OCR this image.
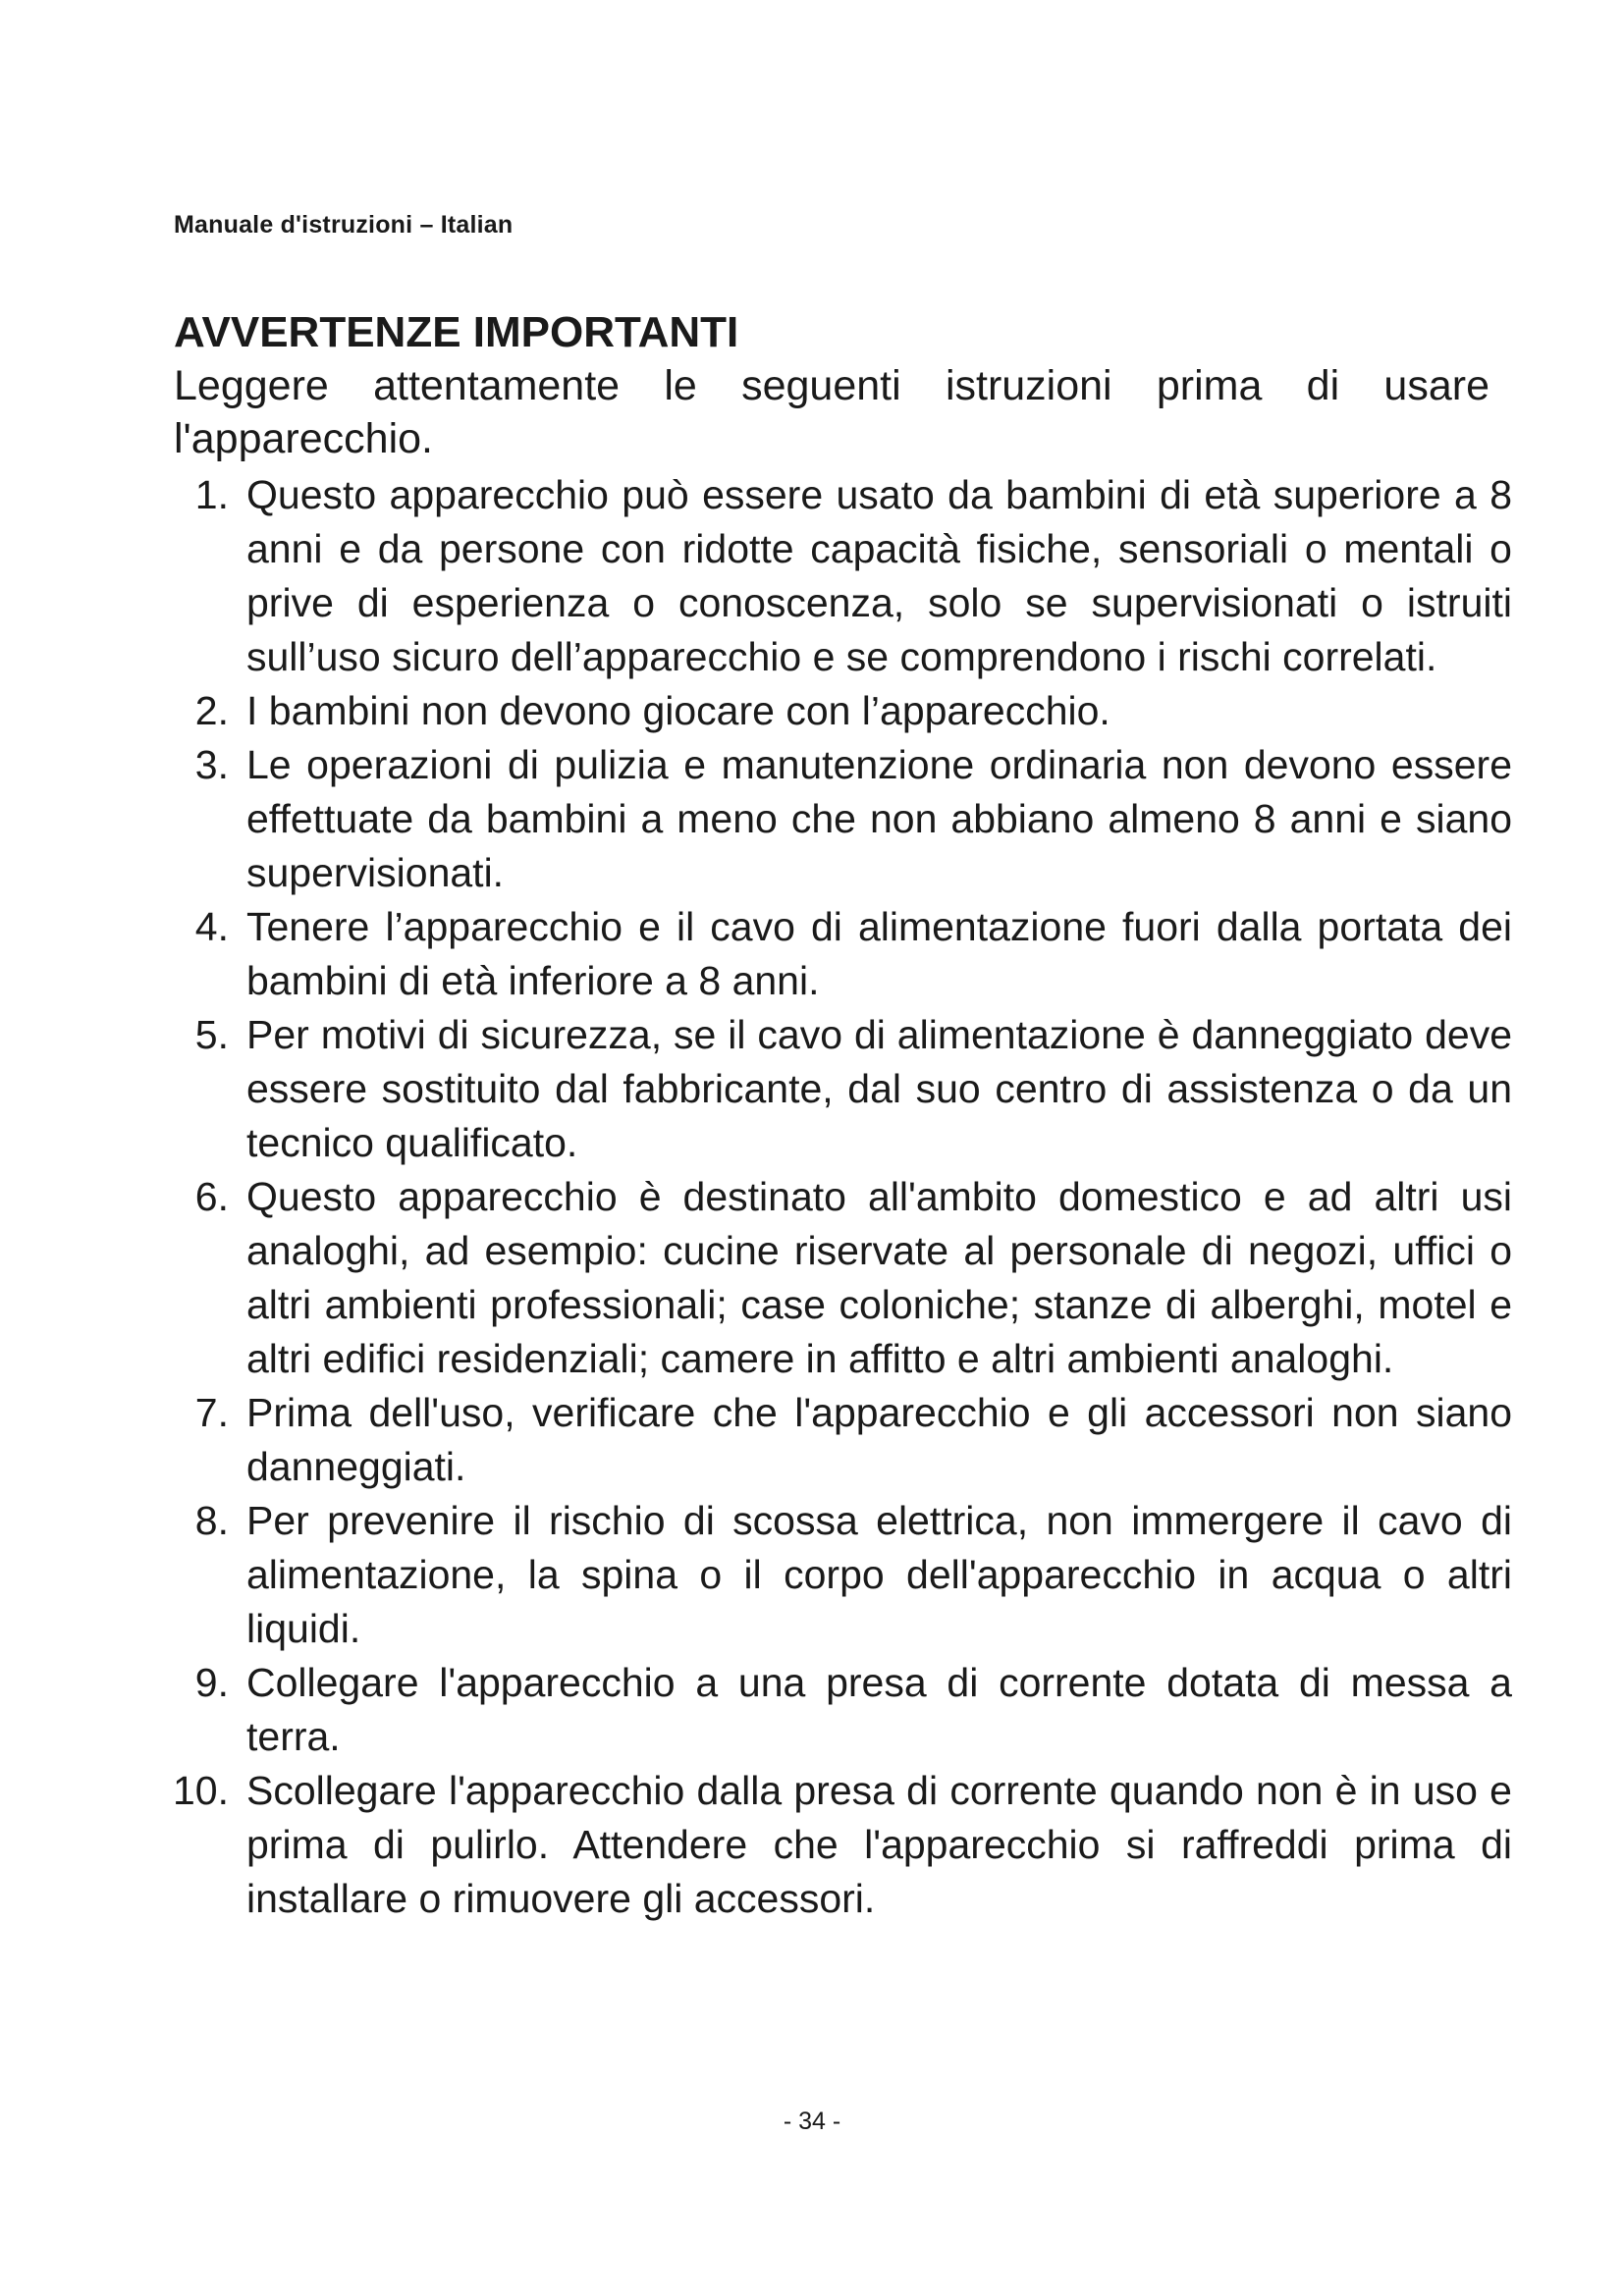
Manuale d'istruzioni – Italian
AVVERTENZE IMPORTANTI
Leggere attentamente le seguenti istruzioni prima di usare l'apparecchio.
1. Questo apparecchio può essere usato da bambini di età superiore a 8 anni e da persone con ridotte capacità fisiche, sensoriali o mentali o prive di esperienza o conoscenza, solo se supervisionati o istruiti sull’uso sicuro dell’apparecchio e se comprendono i rischi correlati.
2. I bambini non devono giocare con l’apparecchio.
3. Le operazioni di pulizia e manutenzione ordinaria non devono essere effettuate da bambini a meno che non abbiano almeno 8 anni e siano supervisionati.
4. Tenere l’apparecchio e il cavo di alimentazione fuori dalla portata dei bambini di età inferiore a 8 anni.
5. Per motivi di sicurezza, se il cavo di alimentazione è danneggiato deve essere sostituito dal fabbricante, dal suo centro di assistenza o da un tecnico qualificato.
6. Questo apparecchio è destinato all'ambito domestico e ad altri usi analoghi, ad esempio: cucine riservate al personale di negozi, uffici o altri ambienti professionali; case coloniche; stanze di alberghi, motel e altri edifici residenziali; camere in affitto e altri ambienti analoghi.
7. Prima dell'uso, verificare che l'apparecchio e gli accessori non siano danneggiati.
8. Per prevenire il rischio di scossa elettrica, non immergere il cavo di alimentazione, la spina o il corpo dell'apparecchio in acqua o altri liquidi.
9. Collegare l'apparecchio a una presa di corrente dotata di messa a terra.
10. Scollegare l'apparecchio dalla presa di corrente quando non è in uso e prima di pulirlo. Attendere che l'apparecchio si raffreddi prima di installare o rimuovere gli accessori.
- 34 -
